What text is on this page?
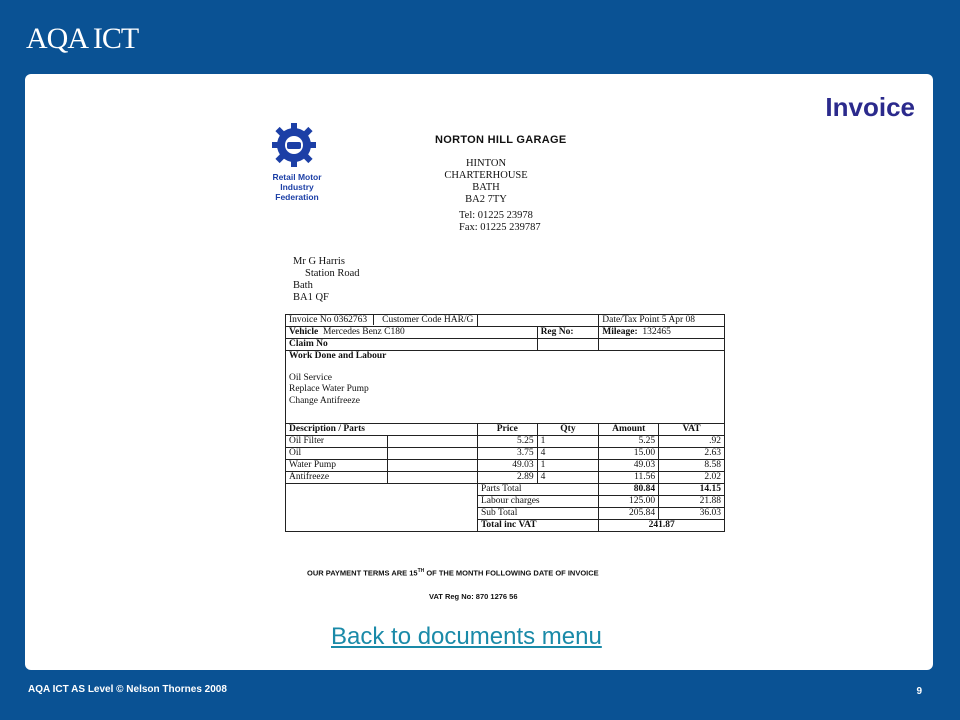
AQA ICT
Invoice
Retail Motor
Industry
Federation
NORTON HILL GARAGE
HINTON CHARTERHOUSE
BATH
BA2 7TY
Tel: 01225 23978
Fax: 01225 239787
Mr G Harris
Station Road
Bath
BA1 QF
Invoice No 0362763 Customer Code HAR/G				Date/Tax Point 5 Apr 08	
Vehicle Mercedes Benz C180			Reg No:	Mileage: 132465	
Claim No					

Work Done and Labour
Oil Service
Replace Water Pump
Change Antifreeze					

Description / Parts		Price	Qty	Amount	VAT
Oil Filter		5.25	1	5.25	.92
Oil		3.75	4	15.00	2.63
Water Pump		49.03	1	49.03	8.58
Antifreeze		2.89	4	11.56	2.02
		Parts Total		80.84	14.15
		Labour charges		125.00	21.88
		Sub Total		205.84	36.03
		Total inc VAT		241.87	
OUR PAYMENT TERMS ARE 15TH OF THE MONTH FOLLOWING DATE OF INVOICE
VAT Reg No: 870 1276 56
Back to documents menu
AQA ICT AS Level © Nelson Thornes 2008	9
